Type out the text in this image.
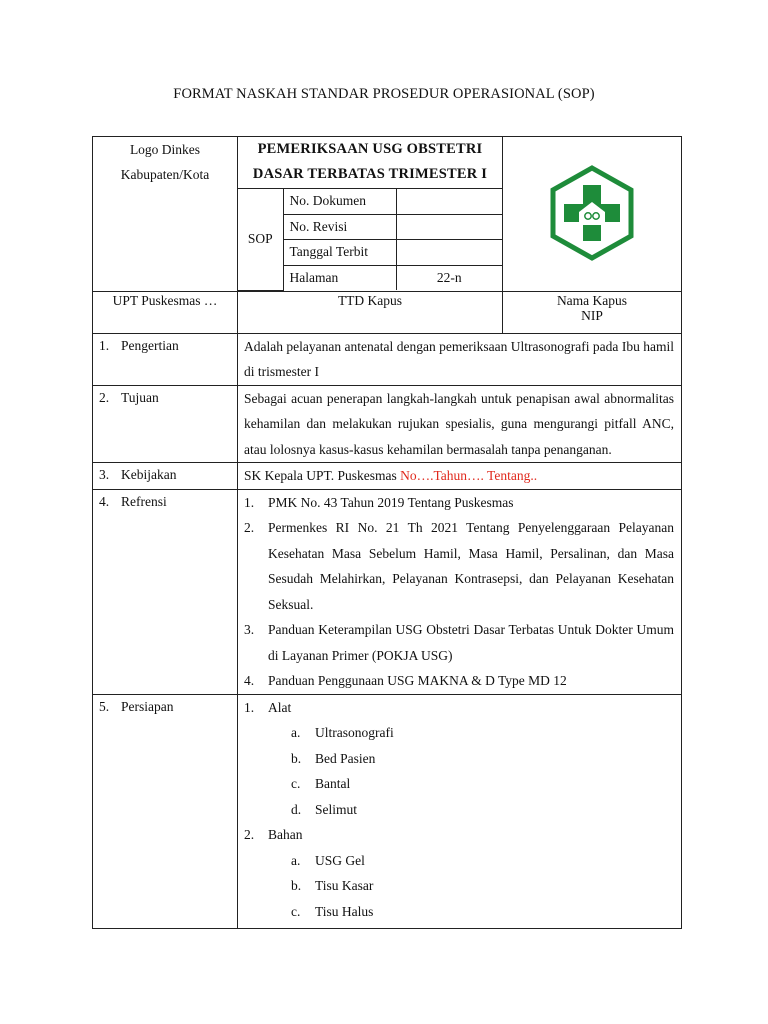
FORMAT NASKAH STANDAR PROSEDUR OPERASIONAL (SOP)
Logo Dinkes
Kabupaten/Kota

PEMERIKSAAN USG OBSTETRI
DASAR TERBATAS TRIMESTER I
SOP	No. Dokumen	
No. Revisi	
Tanggal Terbit	
Halaman	22-n

UPT Puskesmas …	TTD Kapus	Nama Kapus
NIP

1. Pengertian	Adalah pelayanan antenatal dengan pemeriksaan Ultrasonografi pada Ibu hamil di trismester I
2. Tujuan	Sebagai acuan penerapan langkah-langkah untuk penapisan awal abnormalitas kehamilan dan melakukan rujukan spesialis, guna mengurangi pitfall ANC, atau lolosnya kasus-kasus kehamilan bermasalah tanpa penanganan.
3. Kebijakan	SK Kepala UPT. Puskesmas No….Tahun…. Tentang..
4. Refrensi	1.	PMK No. 43 Tahun 2019 Tentang Puskesmas
2.	Permenkes RI No. 21 Th 2021 Tentang Penyelenggaraan Pelayanan Kesehatan Masa Sebelum Hamil, Masa Hamil, Persalinan, dan Masa Sesudah Melahirkan, Pelayanan Kontrasepsi, dan Pelayanan Kesehatan Seksual.
3.	Panduan Keterampilan USG Obstetri Dasar Terbatas Untuk Dokter Umum di Layanan Primer (POKJA USG)
4.	Panduan Penggunaan USG MAKNA & D Type MD 12

5. Persiapan	1.	Alat
a.	Ultrasonografi
b.	Bed Pasien
c.	Bantal
d.	Selimut
2.	Bahan
a.	USG Gel
b.	Tisu Kasar
c.	Tisu Halus
